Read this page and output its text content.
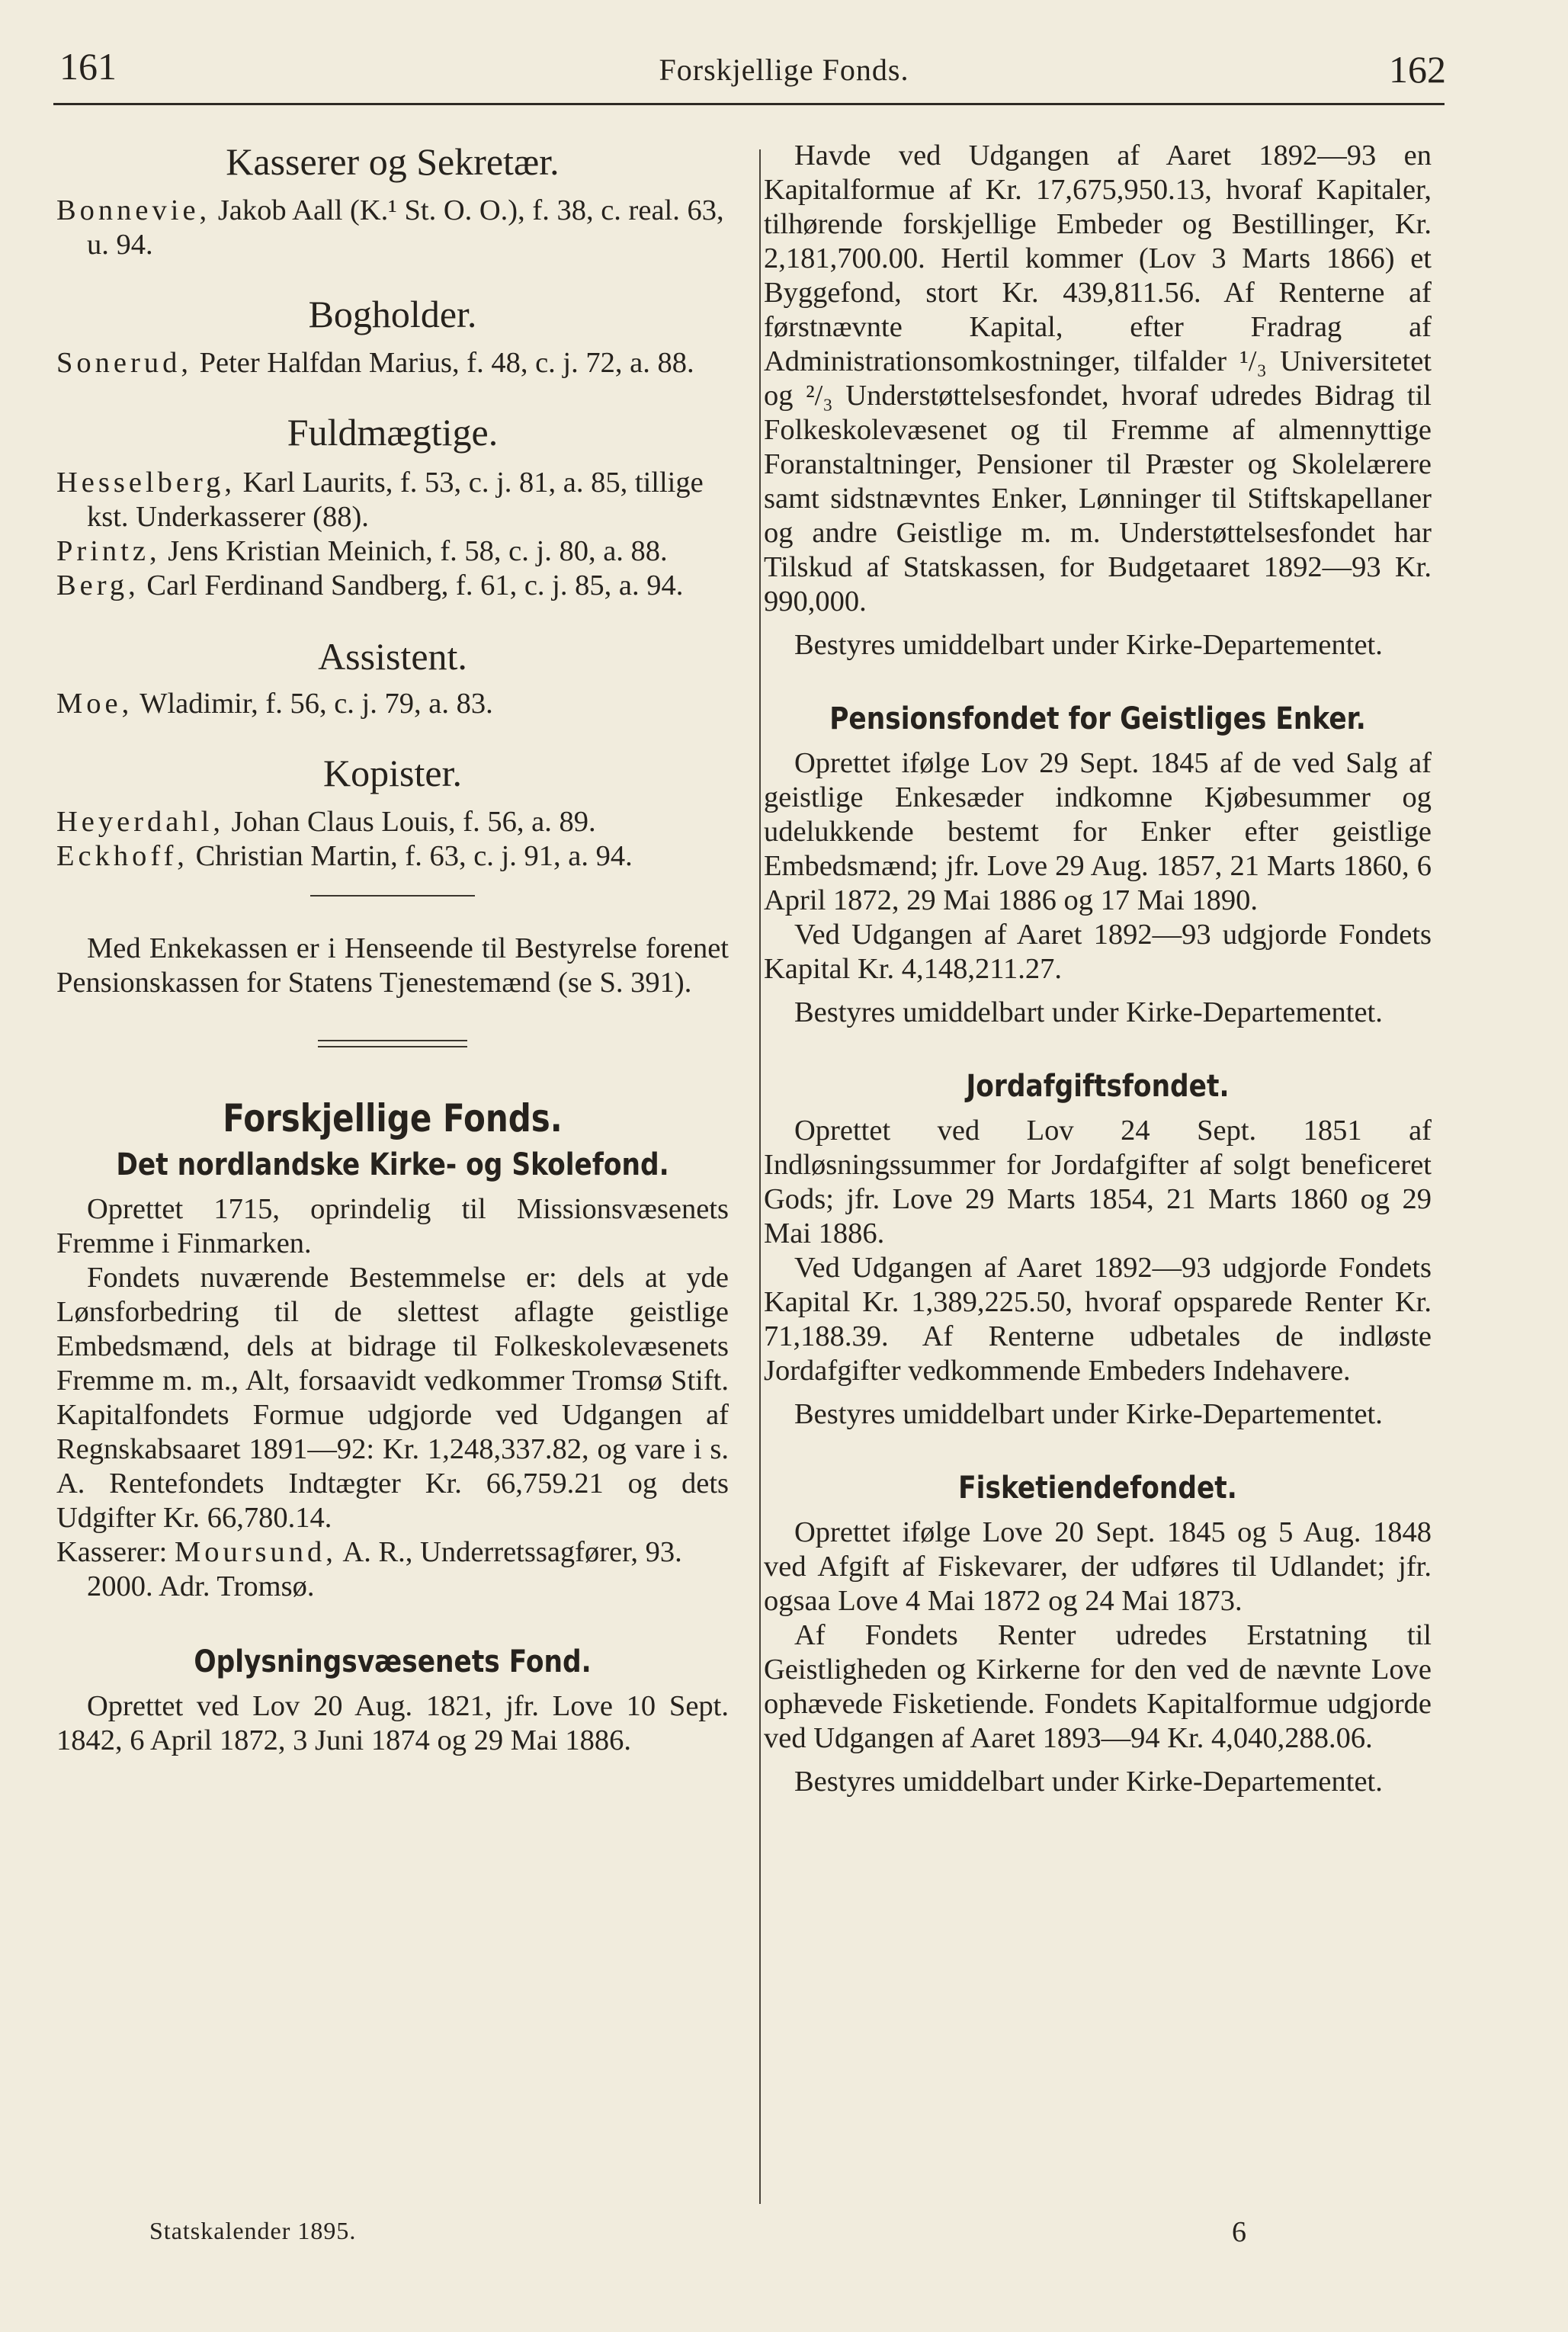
161	Forskjellige Fonds.	162
Kasserer og Sekretær.

Bonnevie, Jakob Aall (K.¹ St. O. O.), f. 38, c. real. 63, u. 94.

Bogholder.

Sonerud, Peter Halfdan Marius, f. 48, c. j. 72, a. 88.

Fuldmægtige.

Hesselberg, Karl Laurits, f. 53, c. j. 81, a. 85, tillige kst. Underkasserer (88).

Printz, Jens Kristian Meinich, f. 58, c. j. 80, a. 88.

Berg, Carl Ferdinand Sandberg, f. 61, c. j. 85, a. 94.

Assistent.

Moe, Wladimir, f. 56, c. j. 79, a. 83.

Kopister.

Heyerdahl, Johan Claus Louis, f. 56, a. 89.

Eckhoff, Christian Martin, f. 63, c. j. 91, a. 94.

Med Enkekassen er i Henseende til Bestyrelse forenet Pensionskassen for Statens Tjenestemænd (se S. 391).

Forskjellige Fonds.
Det nordlandske Kirke- og Skolefond.

Oprettet 1715, oprindelig til Missionsvæsenets Fremme i Finmarken.

Fondets nuværende Bestemmelse er: dels at yde Lønsforbedring til de slettest aflagte geistlige Embedsmænd, dels at bidrage til Folkeskolevæsenets Fremme m. m., Alt, forsaavidt vedkommer Tromsø Stift. Kapitalfondets Formue udgjorde ved Udgangen af Regnskabsaaret 1891—92: Kr. 1,248,337.82, og vare i s. A. Rentefondets Indtægter Kr. 66,759.21 og dets Udgifter Kr. 66,780.14.

Kasserer: Moursund, A. R., Underretssagfører, 93. 2000. Adr. Tromsø.

Oplysningsvæsenets Fond.

Oprettet ved Lov 20 Aug. 1821, jfr. Love 10 Sept. 1842, 6 April 1872, 3 Juni 1874 og 29 Mai 1886.

Havde ved Udgangen af Aaret 1892—93 en Kapitalformue af Kr. 17,675,950.13, hvoraf Kapitaler, tilhørende forskjellige Embeder og Bestillinger, Kr. 2,181,700.00. Hertil kommer (Lov 3 Marts 1866) et Byggefond, stort Kr. 439,811.56. Af Renterne af førstnævnte Kapital, efter Fradrag af Administrationsomkostninger, tilfalder ¹/₃ Universitetet og ²/₃ Understøttelsesfondet, hvoraf udredes Bidrag til Folkeskolevæsenet og til Fremme af almennyttige Foranstaltninger, Pensioner til Præster og Skolelærere samt sidstnævntes Enker, Lønninger til Stiftskapellaner og andre Geistlige m. m. Understøttelsesfondet har Tilskud af Statskassen, for Budgetaaret 1892—93 Kr. 990,000.

Bestyres umiddelbart under Kirke-Departementet.

Pensionsfondet for Geistliges Enker.

Oprettet ifølge Lov 29 Sept. 1845 af de ved Salg af geistlige Enkesæder indkomne Kjøbesummer og udelukkende bestemt for Enker efter geistlige Embedsmænd; jfr. Love 29 Aug. 1857, 21 Marts 1860, 6 April 1872, 29 Mai 1886 og 17 Mai 1890.

Ved Udgangen af Aaret 1892—93 udgjorde Fondets Kapital Kr. 4,148,211.27.

Bestyres umiddelbart under Kirke-Departementet.

Jordafgiftsfondet.

Oprettet ved Lov 24 Sept. 1851 af Indløsningssummer for Jordafgifter af solgt beneficeret Gods; jfr. Love 29 Marts 1854, 21 Marts 1860 og 29 Mai 1886.

Ved Udgangen af Aaret 1892—93 udgjorde Fondets Kapital Kr. 1,389,225.50, hvoraf opsparede Renter Kr. 71,188.39. Af Renterne udbetales de indløste Jordafgifter vedkommende Embeders Indehavere.

Bestyres umiddelbart under Kirke-Departementet.

Fisketiendefondet.

Oprettet ifølge Love 20 Sept. 1845 og 5 Aug. 1848 ved Afgift af Fiskevarer, der udføres til Udlandet; jfr. ogsaa Love 4 Mai 1872 og 24 Mai 1873.

Af Fondets Renter udredes Erstatning til Geistligheden og Kirkerne for den ved de nævnte Love ophævede Fisketiende. Fondets Kapitalformue udgjorde ved Udgangen af Aaret 1893—94 Kr. 4,040,288.06.

Bestyres umiddelbart under Kirke-Departementet.

Statskalender 1895.	6
